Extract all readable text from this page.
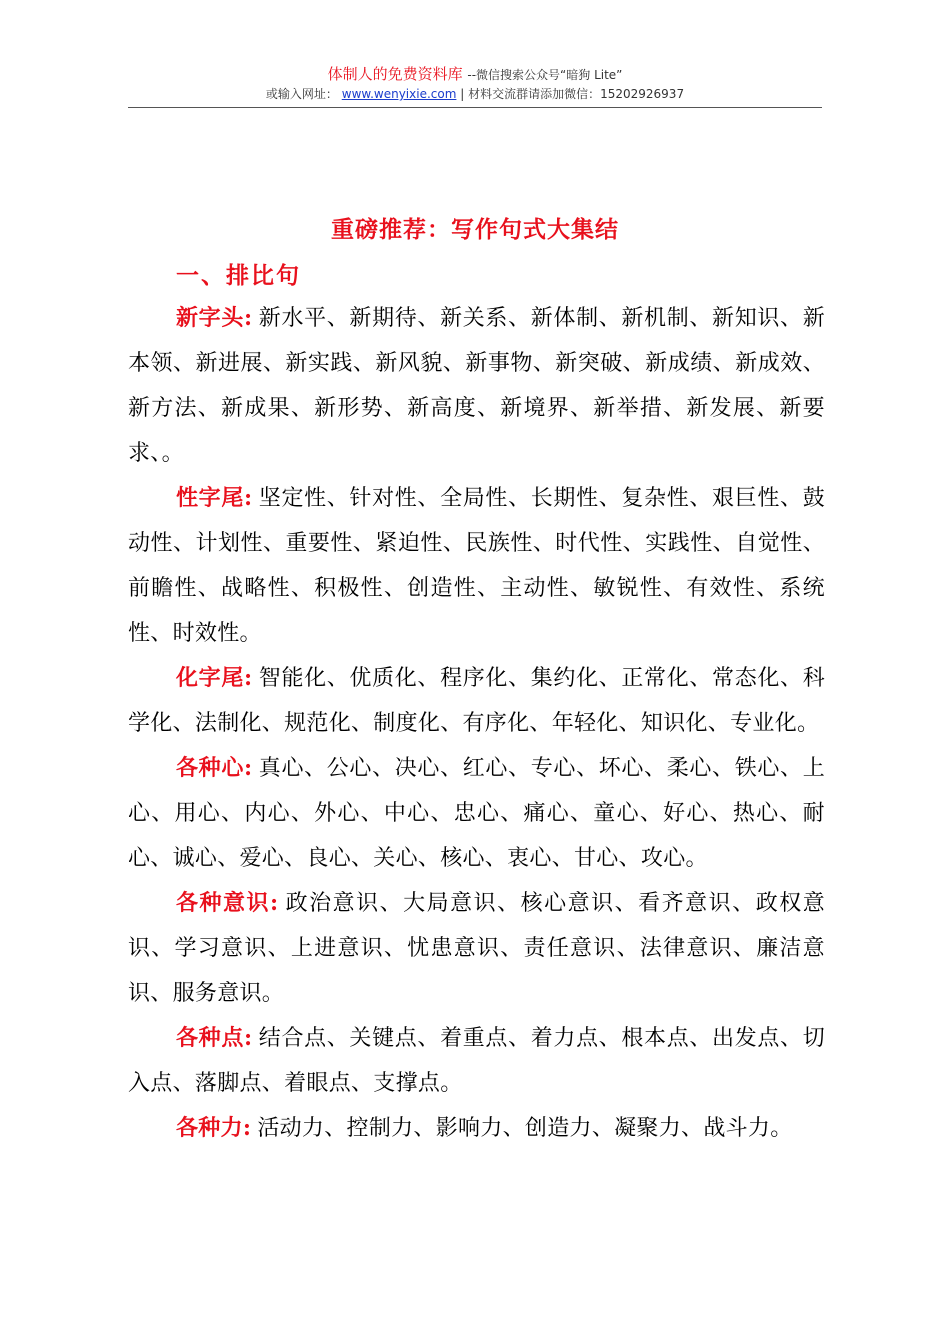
体制人的免费资料库 --微信搜索公众号“暗狗 Lite”
或输入网址： www.wenyixie.com | 材料交流群请添加微信：15202926937
重磅推荐：写作句式大集结
一、排比句

新字头: 新水平、新期待、新关系、新体制、新机制、新知识、新本领、新进展、新实践、新风貌、新事物、新突破、新成绩、新成效、新方法、新成果、新形势、新高度、新境界、新举措、新发展、新要求、。

性字尾: 坚定性、针对性、全局性、长期性、复杂性、艰巨性、鼓动性、计划性、重要性、紧迫性、民族性、时代性、实践性、自觉性、前瞻性、战略性、积极性、创造性、主动性、敏锐性、有效性、系统性、时效性。

化字尾: 智能化、优质化、程序化、集约化、正常化、常态化、科学化、法制化、规范化、制度化、有序化、年轻化、知识化、专业化。

各种心: 真心、公心、决心、红心、专心、坏心、柔心、铁心、上心、用心、内心、外心、中心、忠心、痛心、童心、好心、热心、耐心、诚心、爱心、良心、关心、核心、衷心、甘心、攻心。

各种意识: 政治意识、大局意识、核心意识、看齐意识、政权意识、学习意识、上进意识、忧患意识、责任意识、法律意识、廉洁意识、服务意识。

各种点: 结合点、关键点、着重点、着力点、根本点、出发点、切入点、落脚点、着眼点、支撑点。

各种力: 活动力、控制力、影响力、创造力、凝聚力、战斗力。
